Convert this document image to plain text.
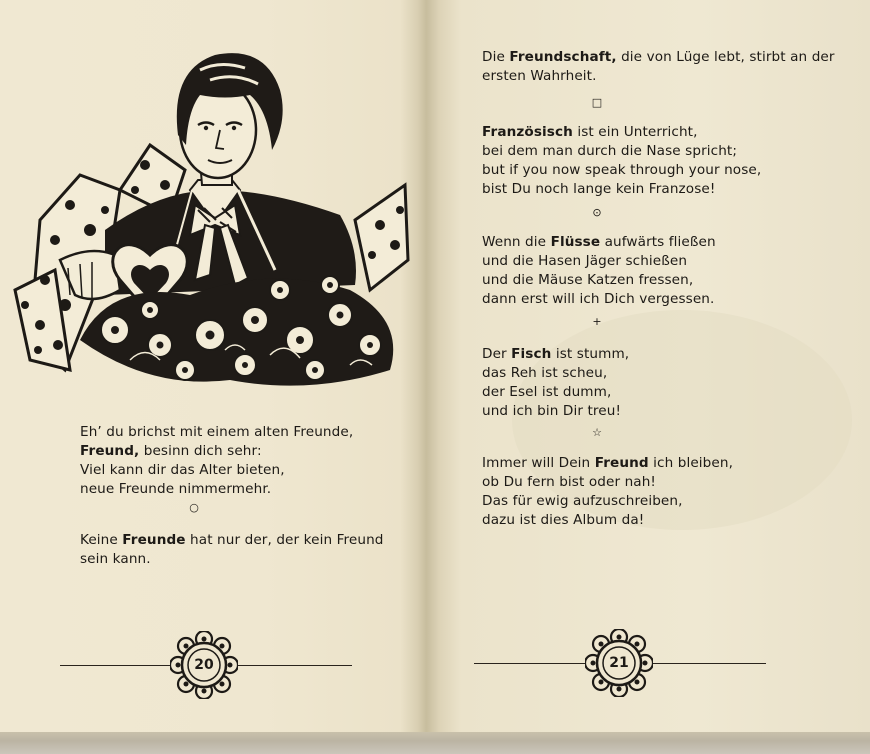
Eh’ du brichst mit einem alten Freunde,
Freund, besinn dich sehr:
Viel kann dir das Alter bieten,
neue Freunde nimmermehr.
○
Keine Freunde hat nur der, der kein Freund
sein kann.
20
Die Freundschaft, die von Lüge lebt, stirbt an der
ersten Wahrheit.
□
Französisch ist ein Unterricht,
bei dem man durch die Nase spricht;
but if you now speak through your nose,
bist Du noch lange kein Franzose!
⊙
Wenn die Flüsse aufwärts fließen
und die Hasen Jäger schießen
und die Mäuse Katzen fressen,
dann erst will ich Dich vergessen.
+
Der Fisch ist stumm,
das Reh ist scheu,
der Esel ist dumm,
und ich bin Dir treu!
☆
Immer will Dein Freund ich bleiben,
ob Du fern bist oder nah!
Das für ewig aufzuschreiben,
dazu ist dies Album da!
21
